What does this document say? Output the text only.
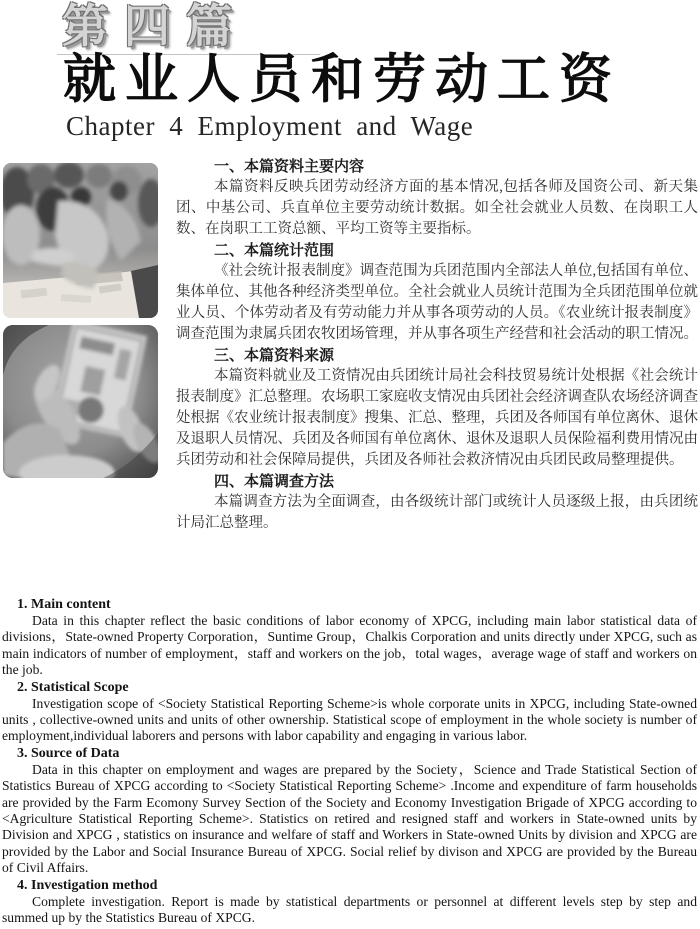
第四篇
就业人员和劳动工资
Chapter 4 Employment and Wage
一、本篇资料主要内容

本篇资料反映兵团劳动经济方面的基本情况,包括各师及国资公司、新天集团、中基公司、兵直单位主要劳动统计数据。如全社会就业人员数、在岗职工人数、在岗职工工资总额、平均工资等主要指标。

二、本篇统计范围

《社会统计报表制度》调查范围为兵团范围内全部法人单位,包括国有单位、集体单位、其他各种经济类型单位。全社会就业人员统计范围为全兵团范围单位就业人员、个体劳动者及有劳动能力并从事各项劳动的人员。《农业统计报表制度》调查范围为隶属兵团农牧团场管理，并从事各项生产经营和社会活动的职工情况。

三、本篇资料来源

本篇资料就业及工资情况由兵团统计局社会科技贸易统计处根据《社会统计报表制度》汇总整理。农场职工家庭收支情况由兵团社会经济调查队农场经济调查处根据《农业统计报表制度》搜集、汇总、整理，兵团及各师国有单位离休、退休及退职人员情况、兵团及各师国有单位离休、退休及退职人员保险福利费用情况由兵团劳动和社会保障局提供，兵团及各师社会救济情况由兵团民政局整理提供。

四、本篇调查方法

本篇调查方法为全面调查，由各级统计部门或统计人员逐级上报，由兵团统计局汇总整理。

1. Main content

Data in this chapter reflect the basic conditions of labor economy of XPCG, including main labor statistical data of divisions，State-owned Property Corporation，Suntime Group，Chalkis Corporation and units directly under XPCG, such as main indicators of number of employment，staff and workers on the job，total wages，average wage of staff and workers on the job.

2. Statistical Scope

Investigation scope of <Society Statistical Reporting Scheme>is whole corporate units in XPCG, including State-owned units , collective-owned units and units of other ownership. Statistical scope of employment in the whole society is number of employment,individual laborers and persons with labor capability and engaging in various labor.

3. Source of Data

Data in this chapter on employment and wages are prepared by the Society，Science and Trade Statistical Section of Statistics Bureau of XPCG according to <Society Statistical Reporting Scheme> .Income and expenditure of farm households are provided by the Farm Ecomony Survey Section of the Society and Economy Investigation Brigade of XPCG according to <Agriculture Statistical Reporting Scheme>. Statistics on retired and resigned staff and workers in State-owned units by Division and XPCG , statistics on insurance and welfare of staff and Workers in State-owned Units by division and XPCG are provided by the Labor and Social Insurance Bureau of XPCG. Social relief by divison and XPCG are provided by the Bureau of Civil Affairs.

4. Investigation method

Complete investigation. Report is made by statistical departments or personnel at different levels step by step and summed up by the Statistics Bureau of XPCG.
